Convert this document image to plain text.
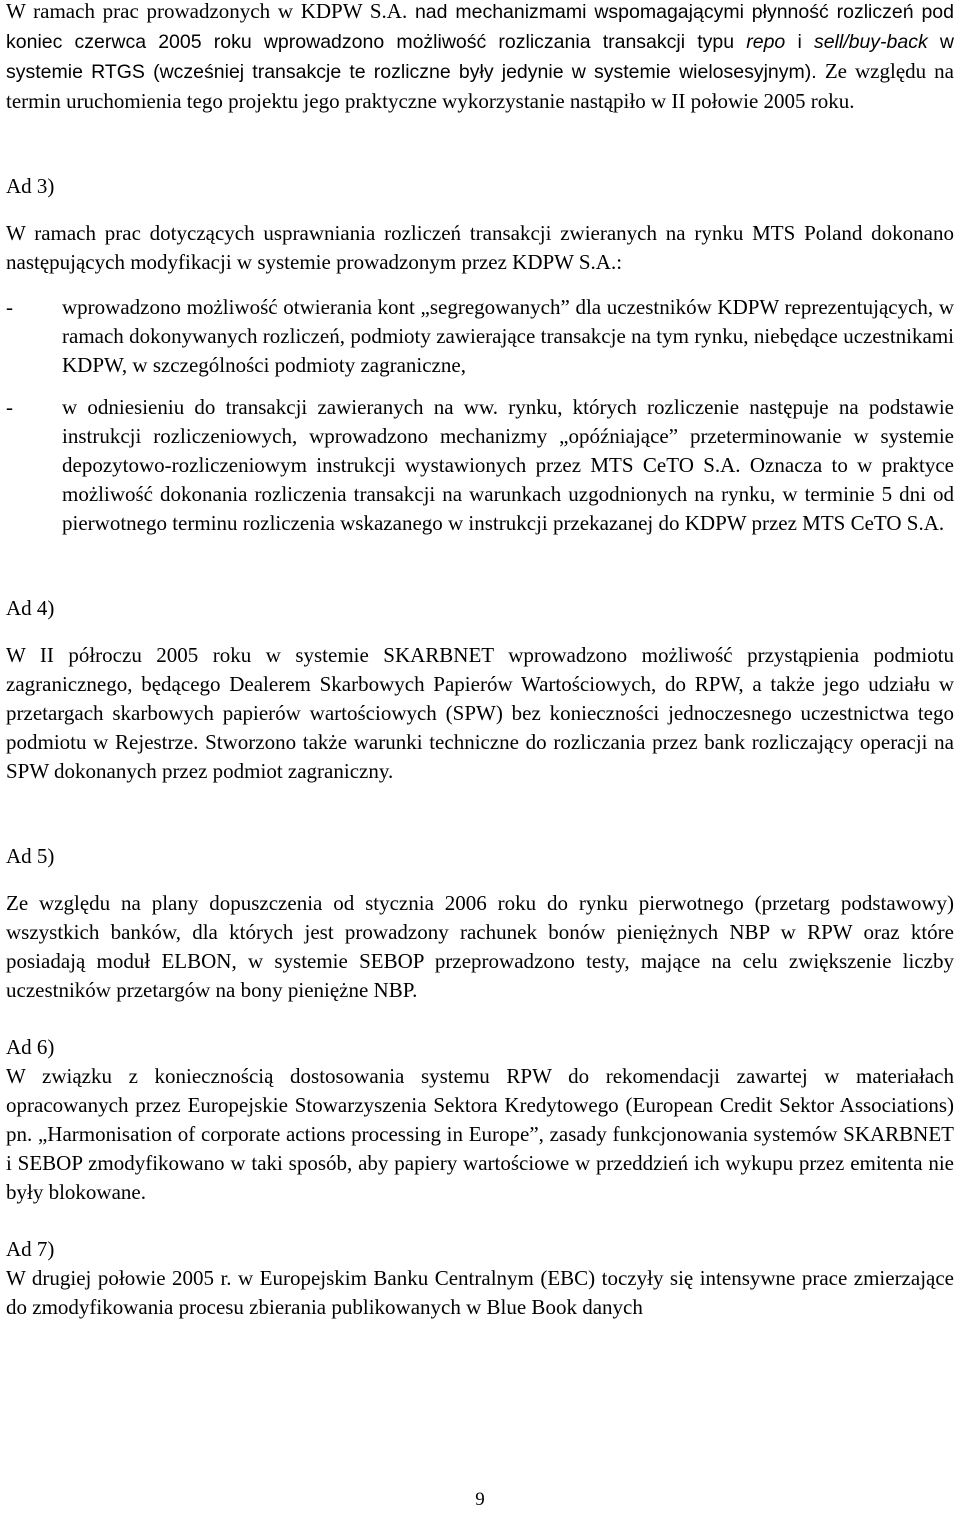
W ramach prac prowadzonych w KDPW S.A. nad mechanizmami wspomagającymi płynność rozliczeń pod koniec czerwca 2005 roku wprowadzono możliwość rozliczania transakcji typu repo i sell/buy-back w systemie RTGS (wcześniej transakcje te rozliczne były jedynie w systemie wielosesyjnym). Ze względu na termin uruchomienia tego projektu jego praktyczne wykorzystanie nastąpiło w II połowie 2005 roku.

Ad 3)

W ramach prac dotyczących usprawniania rozliczeń transakcji zwieranych na rynku MTS Poland dokonano następujących modyfikacji w systemie prowadzonym przez KDPW S.A.:

- wprowadzono możliwość otwierania kont „segregowanych” dla uczestników KDPW reprezentujących, w ramach dokonywanych rozliczeń, podmioty zawierające transakcje na tym rynku, niebędące uczestnikami KDPW, w szczególności podmioty zagraniczne,
- w odniesieniu do transakcji zawieranych na ww. rynku, których rozliczenie następuje na podstawie instrukcji rozliczeniowych, wprowadzono mechanizmy „opóźniające” przeterminowanie w systemie depozytowo-rozliczeniowym instrukcji wystawionych przez MTS CeTO S.A. Oznacza to w praktyce możliwość dokonania rozliczenia transakcji na warunkach uzgodnionych na rynku, w terminie 5 dni od pierwotnego terminu rozliczenia wskazanego w instrukcji przekazanej do KDPW przez MTS CeTO S.A.

Ad 4)

W II półroczu 2005 roku w systemie SKARBNET wprowadzono możliwość przystąpienia podmiotu zagranicznego, będącego Dealerem Skarbowych Papierów Wartościowych, do RPW, a także jego udziału w przetargach skarbowych papierów wartościowych (SPW) bez konieczności jednoczesnego uczestnictwa tego podmiotu w Rejestrze. Stworzono także warunki techniczne do rozliczania przez bank rozliczający operacji na SPW dokonanych przez podmiot zagraniczny.

Ad 5)

Ze względu na plany dopuszczenia od stycznia 2006 roku do rynku pierwotnego (przetarg podstawowy) wszystkich banków, dla których jest prowadzony rachunek bonów pieniężnych NBP w RPW oraz które posiadają moduł ELBON, w systemie SEBOP przeprowadzono testy, mające na celu zwiększenie liczby uczestników przetargów na bony pieniężne NBP.

Ad 6)

W związku z koniecznością dostosowania systemu RPW do rekomendacji zawartej w materiałach opracowanych przez Europejskie Stowarzyszenia Sektora Kredytowego (European Credit Sektor Associations) pn. „Harmonisation of corporate actions processing in Europe”, zasady funkcjonowania systemów SKARBNET i SEBOP zmodyfikowano w taki sposób, aby papiery wartościowe w przeddzień ich wykupu przez emitenta nie były blokowane.

Ad 7)

W drugiej połowie 2005 r. w Europejskim Banku Centralnym (EBC) toczyły się intensywne prace zmierzające do zmodyfikowania procesu zbierania publikowanych w Blue Book danych

9
